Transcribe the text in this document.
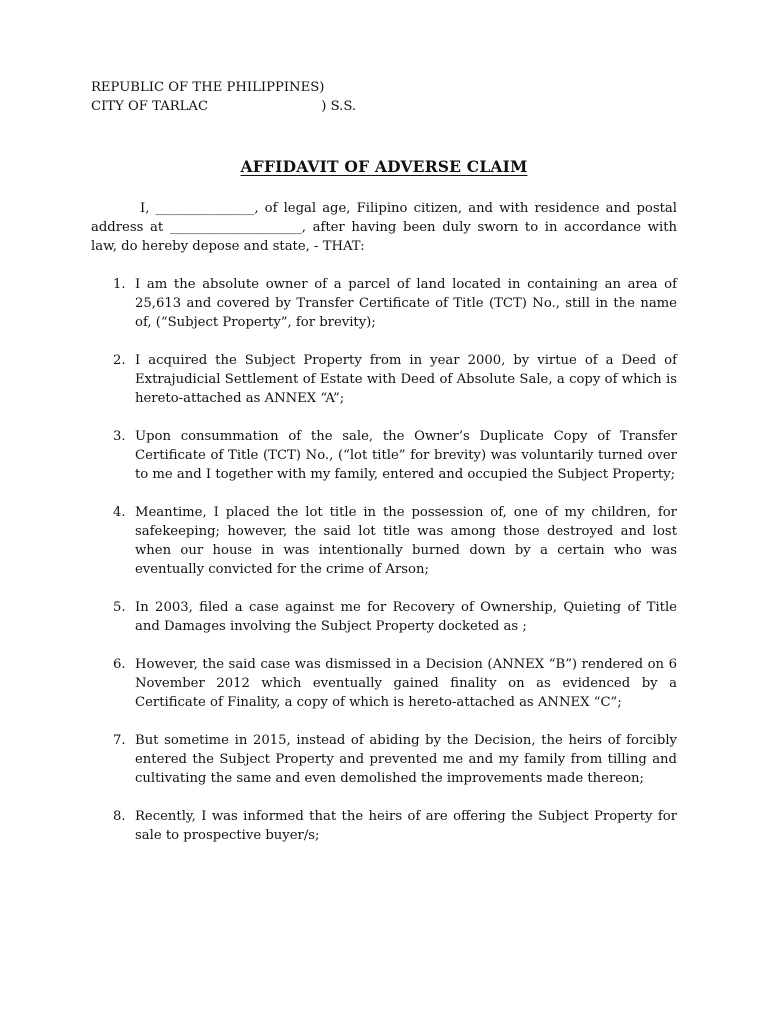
REPUBLIC OF THE PHILIPPINES)
CITY OF TARLAC                           ) S.S.
AFFIDAVIT OF ADVERSE CLAIM

I, _______________, of legal age, Filipino citizen, and with residence and postal address at ____________________, after having been duly sworn to in accordance with law, do hereby depose and state, - THAT:

1. I am the absolute owner of a parcel of land located in containing an area of 25,613 and covered by Transfer Certificate of Title (TCT) No., still in the name of, (“Subject Property”, for brevity);
2. I acquired the Subject Property from in year 2000, by virtue of a Deed of Extrajudicial Settlement of Estate with Deed of Absolute Sale, a copy of which is hereto-attached as ANNEX “A”;
3. Upon consummation of the sale, the Owner’s Duplicate Copy of Transfer Certificate of Title (TCT) No., (“lot title” for brevity) was voluntarily turned over to me and I together with my family, entered and occupied the Subject Property;
4. Meantime, I placed the lot title in the possession of, one of my children, for safekeeping; however, the said lot title was among those destroyed and lost when our house in was intentionally burned down by a certain who was eventually convicted for the crime of Arson;
5. In 2003, filed a case against me for Recovery of Ownership, Quieting of Title and Damages involving the Subject Property docketed as ;
6. However, the said case was dismissed in a Decision (ANNEX “B”) rendered on 6 November 2012 which eventually gained finality on as evidenced by a Certificate of Finality, a copy of which is hereto-attached as ANNEX “C”;
7. But sometime in 2015, instead of abiding by the Decision, the heirs of forcibly entered the Subject Property and prevented me and my family from tilling and cultivating the same and even demolished the improvements made thereon;
8. Recently, I was informed that the heirs of are offering the Subject Property for sale to prospective buyer/s;
